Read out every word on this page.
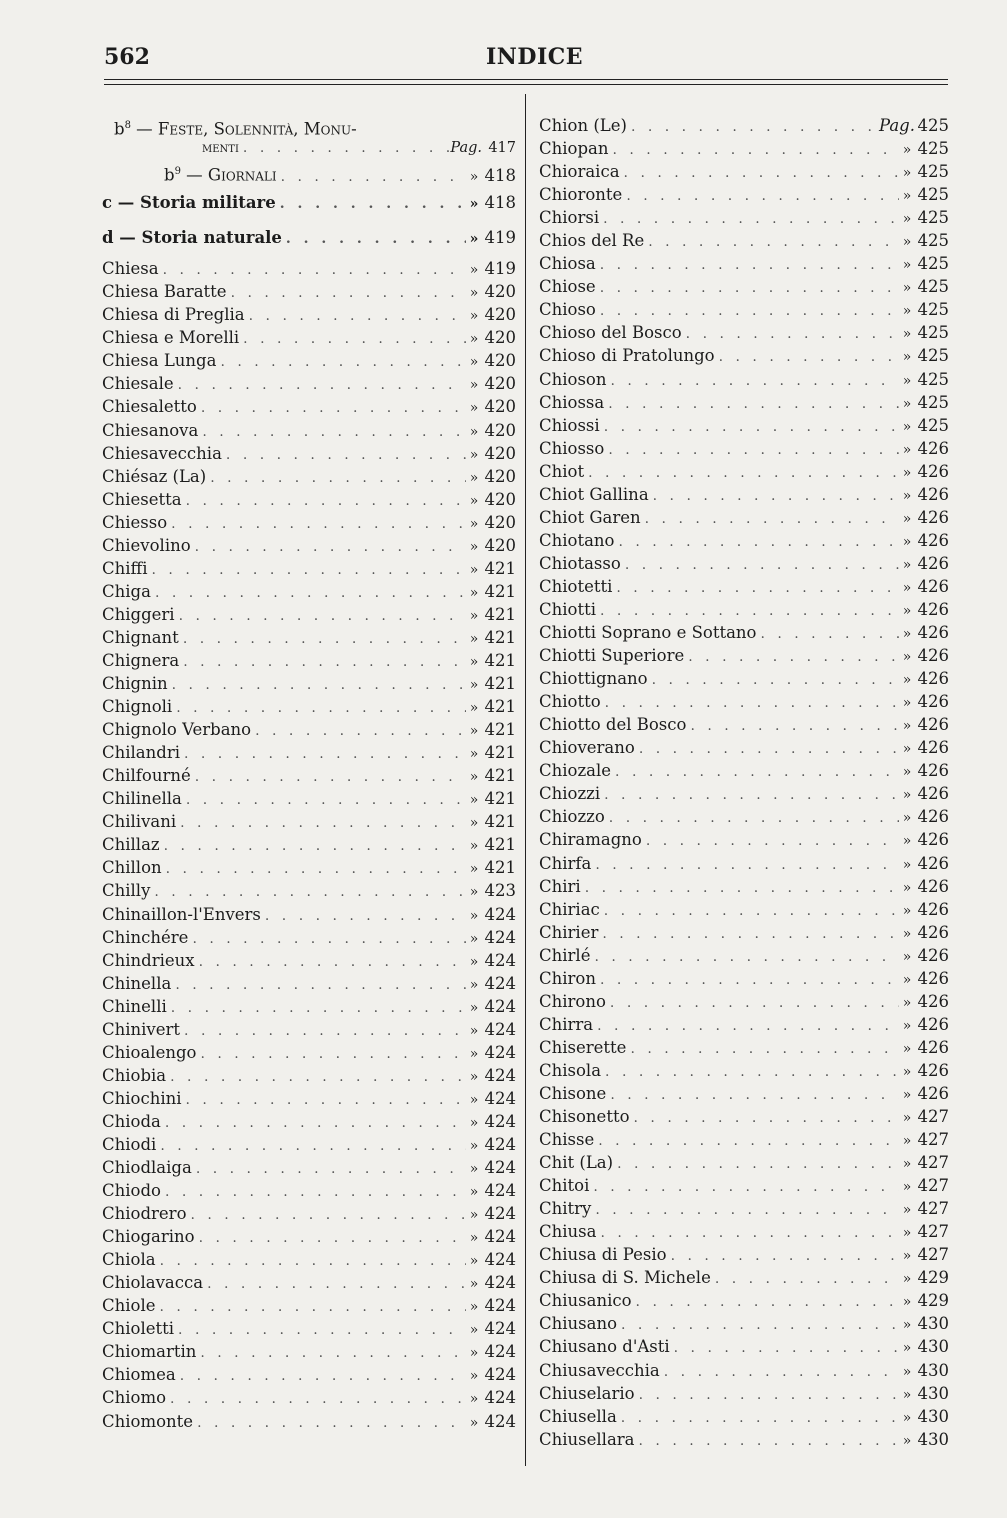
562	INDICE
$b^8$ — Feste, Solennità, Monu-
menti . . .	Pag. 417
$b^9$ — Giornali . . .	» 418
c — Storia militare . . .	» 418
d — Storia naturale . . .	» 419
Chiesa . . .	» 419
Chiesa Baratte . . .	» 420
Chiesa di Preglia . . .	» 420
Chiesa e Morelli . . .	» 420
Chiesa Lunga . . .	» 420
Chiesale . . .	» 420
Chiesaletto . . .	» 420
Chiesanova . . .	» 420
Chiesavecchia . . .	» 420
Chiésaz (La) . . .	» 420
Chiesetta . . .	» 420
Chiesso . . .	» 420
Chievolino . . .	» 420
Chiffi . . .	» 421
Chiga . . .	» 421
Chiggeri . . .	» 421
Chignant . . .	» 421
Chignera . . .	» 421
Chignin . . .	» 421
Chignoli . . .	» 421
Chignolo Verbano . . .	» 421
Chilandri . . .	» 421
Chilfourné . . .	» 421
Chilinella . . .	» 421
Chilivani . . .	» 421
Chillaz . . .	» 421
Chillon . . .	» 421
Chilly . . .	» 423
Chinaillon-l'Envers . . .	» 424
Chinchére . . .	» 424
Chindrieux . . .	» 424
Chinella . . .	» 424
Chinelli . . .	» 424
Chinivert . . .	» 424
Chioalengo . . .	» 424
Chiobia . . .	» 424
Chiochini . . .	» 424
Chioda . . .	» 424
Chiodi . . .	» 424
Chiodlaiga . . .	» 424
Chiodo . . .	» 424
Chiodrero . . .	» 424
Chiogarino . . .	» 424
Chiola . . .	» 424
Chiolavacca . . .	» 424
Chiole . . .	» 424
Chioletti . . .	» 424
Chiomartin . . .	» 424
Chiomea . . .	» 424
Chiomo . . .	» 424
Chiomonte . . .	» 424
Chion (Le) . . .	Pag. 425
Chiopan . . .	» 425
Chioraica . . .	» 425
Chioronte . . .	» 425
Chiorsi . . .	» 425
Chios del Re . . .	» 425
Chiosa . . .	» 425
Chiose . . .	» 425
Chioso . . .	» 425
Chioso del Bosco . . .	» 425
Chioso di Pratolungo . . .	» 425
Chioson . . .	» 425
Chiossa . . .	» 425
Chiossi . . .	» 425
Chiosso . . .	» 426
Chiot . . .	» 426
Chiot Gallina . . .	» 426
Chiot Garen . . .	» 426
Chiotano . . .	» 426
Chiotasso . . .	» 426
Chiotetti . . .	» 426
Chiotti . . .	» 426
Chiotti Soprano e Sottano . . .	» 426
Chiotti Superiore . . .	» 426
Chiottignano . . .	» 426
Chiotto . . .	» 426
Chiotto del Bosco . . .	» 426
Chioverano . . .	» 426
Chiozale . . .	» 426
Chiozzi . . .	» 426
Chiozzo . . .	» 426
Chiramagno . . .	» 426
Chirfa . . .	» 426
Chiri . . .	» 426
Chiriac . . .	» 426
Chirier . . .	» 426
Chirlé . . .	» 426
Chiron . . .	» 426
Chirono . . .	» 426
Chirra . . .	» 426
Chiserette . . .	» 426
Chisola . . .	» 426
Chisone . . .	» 426
Chisonetto . . .	» 427
Chisse . . .	» 427
Chit (La) . . .	» 427
Chitoi . . .	» 427
Chitry . . .	» 427
Chiusa . . .	» 427
Chiusa di Pesio . . .	» 427
Chiusa di S. Michele . . .	» 429
Chiusanico . . .	» 429
Chiusano . . .	» 430
Chiusano d'Asti . . .	» 430
Chiusavecchia . . .	» 430
Chiuselario . . .	» 430
Chiusella . . .	» 430
Chiusellara . . .	» 430
